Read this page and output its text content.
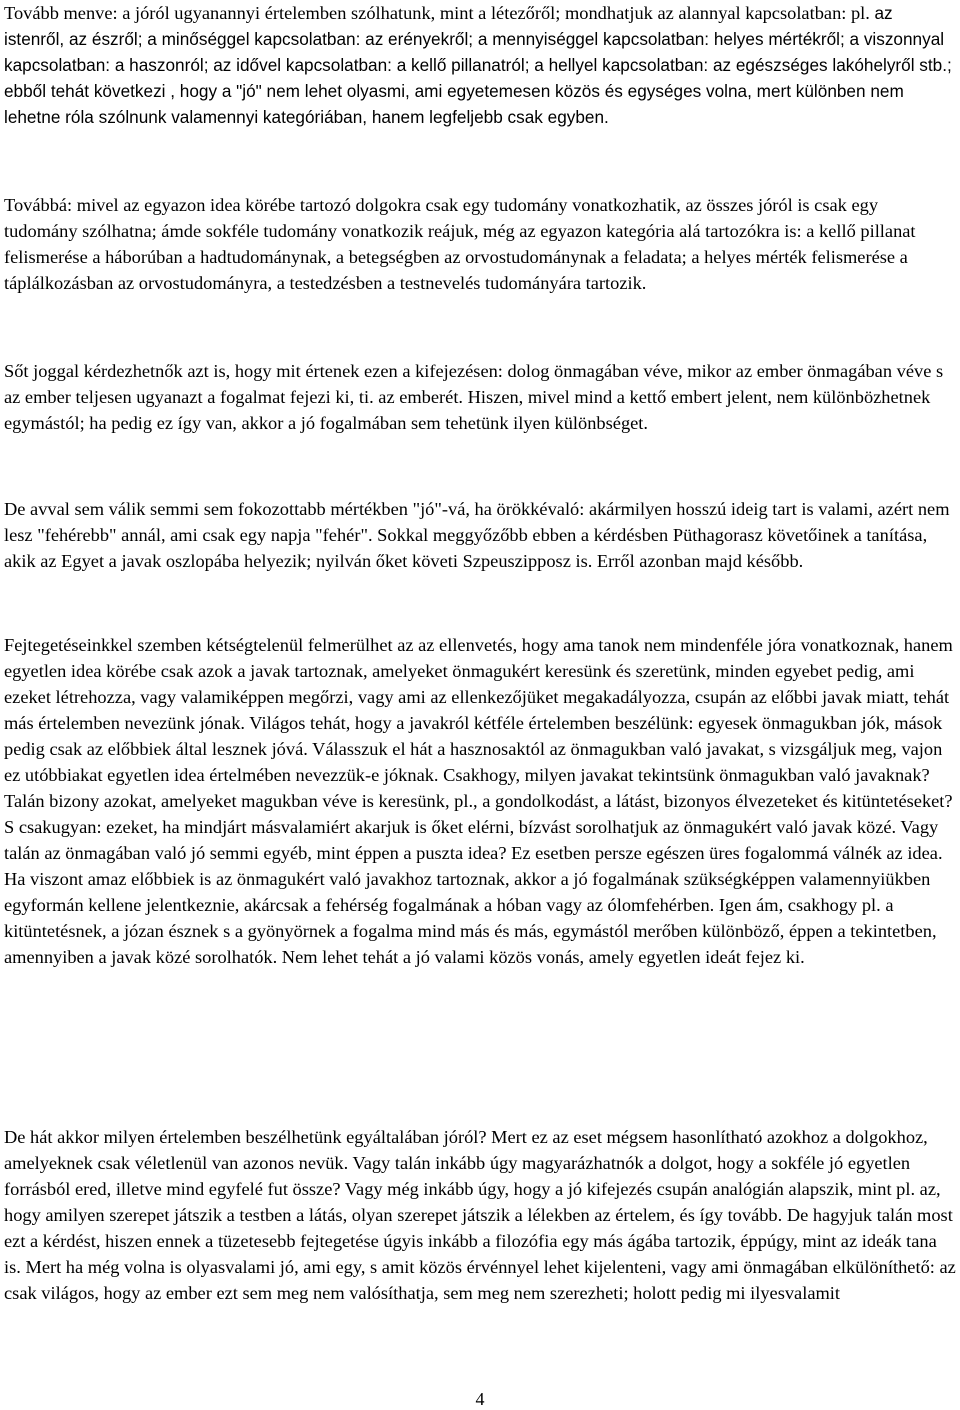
Tovább menve: a jóról ugyanannyi értelemben szólhatunk, mint a létezőről; mondhatjuk az alannyal kapcsolatban: pl. az istenről, az észről; a minőséggel kapcsolatban: az erényekről; a mennyiséggel kapcsolatban: helyes mértékről; a viszonnyal kapcsolatban: a haszonról; az idővel kapcsolatban: a kellő pillanatról; a hellyel kapcsolatban: az egészséges lakóhelyről stb.; ebből tehát következi , hogy a "jó" nem lehet olyasmi, ami egyetemesen közös és egységes volna, mert különben nem lehetne róla szólnunk valamennyi kategóriában, hanem legfeljebb csak egyben.

Továbbá: mivel az egyazon idea körébe tartozó dolgokra csak egy tudomány vonatkozhatik, az összes jóról is csak egy tudomány szólhatna; ámde sokféle tudomány vonatkozik reájuk, még az egyazon kategória alá tartozókra is: a kellő pillanat felismerése a háborúban a hadtudománynak, a betegségben az orvostudománynak a feladata; a helyes mérték felismerése a táplálkozásban az orvostudományra, a testedzésben a testnevelés tudományára tartozik.

Sőt joggal kérdezhetnők azt is, hogy mit értenek ezen a kifejezésen: dolog önmagában véve, mikor az ember önmagában véve s az ember teljesen ugyanazt a fogalmat fejezi ki, ti. az emberét. Hiszen, mivel mind a kettő embert jelent, nem különbözhetnek egymástól; ha pedig ez így van, akkor a jó fogalmában sem tehetünk ilyen különbséget.

De avval sem válik semmi sem fokozottabb mértékben "jó"-vá, ha örökkévaló: akármilyen hosszú ideig tart is valami, azért nem lesz "fehérebb" annál, ami csak egy napja "fehér". Sokkal meggyőzőbb ebben a kérdésben Püthagorasz követőinek a tanítása, akik az Egyet a javak oszlopába helyezik; nyilván őket követi Szpeuszipposz is. Erről azonban majd később.

Fejtegetéseinkkel szemben kétségtelenül felmerülhet az az ellenvetés, hogy ama tanok nem mindenféle jóra vonatkoznak, hanem egyetlen idea körébe csak azok a javak tartoznak, amelyeket önmagukért keresünk és szeretünk, minden egyebet pedig, ami ezeket létrehozza, vagy valamiképpen megőrzi, vagy ami az ellenkezőjüket megakadályozza, csupán az előbbi javak miatt, tehát más értelemben nevezünk jónak. Világos tehát, hogy a javakról kétféle értelemben beszélünk: egyesek önmagukban jók, mások pedig csak az előbbiek által lesznek jóvá. Válasszuk el hát a hasznosaktól az önmagukban való javakat, s vizsgáljuk meg, vajon ez utóbbiakat egyetlen idea értelmében nevezzük-e jóknak. Csakhogy, milyen javakat tekintsünk önmagukban való javaknak? Talán bizony azokat, amelyeket magukban véve is keresünk, pl., a gondolkodást, a látást, bizonyos élvezeteket és kitüntetéseket? S csakugyan: ezeket, ha mindjárt másvalamiért akarjuk is őket elérni, bízvást sorolhatjuk az önmagukért való javak közé. Vagy talán az önmagában való jó semmi egyéb, mint éppen a puszta idea? Ez esetben persze egészen üres fogalommá válnék az idea. Ha viszont amaz előbbiek is az önmagukért való javakhoz tartoznak, akkor a jó fogalmának szükségképpen valamennyiükben egyformán kellene jelentkeznie, akárcsak a fehérség fogalmának a hóban vagy az ólomfehérben. Igen ám, csakhogy pl. a kitüntetésnek, a józan észnek s a gyönyörnek a fogalma mind más és más, egymástól merőben különböző, éppen a tekintetben, amennyiben a javak közé sorolhatók. Nem lehet tehát a jó valami közös vonás, amely egyetlen ideát fejez ki.

De hát akkor milyen értelemben beszélhetünk egyáltalában jóról? Mert ez az eset mégsem hasonlítható azokhoz a dolgokhoz, amelyeknek csak véletlenül van azonos nevük. Vagy talán inkább úgy magyarázhatnók a dolgot, hogy a sokféle jó egyetlen forrásból ered, illetve mind egyfelé fut össze? Vagy még inkább úgy, hogy a jó kifejezés csupán analógián alapszik, mint pl. az, hogy amilyen szerepet játszik a testben a látás, olyan szerepet játszik a lélekben az értelem, és így tovább. De hagyjuk talán most ezt a kérdést, hiszen ennek a tüzetesebb fejtegetése úgyis inkább a filozófia egy más ágába tartozik, éppúgy, mint az ideák tana is. Mert ha még volna is olyasvalami jó, ami egy, s amit közös érvénnyel lehet kijelenteni, vagy ami önmagában elkülöníthető: az csak világos, hogy az ember ezt sem meg nem valósíthatja, sem meg nem szerezheti; holott pedig mi ilyesvalamit

4
